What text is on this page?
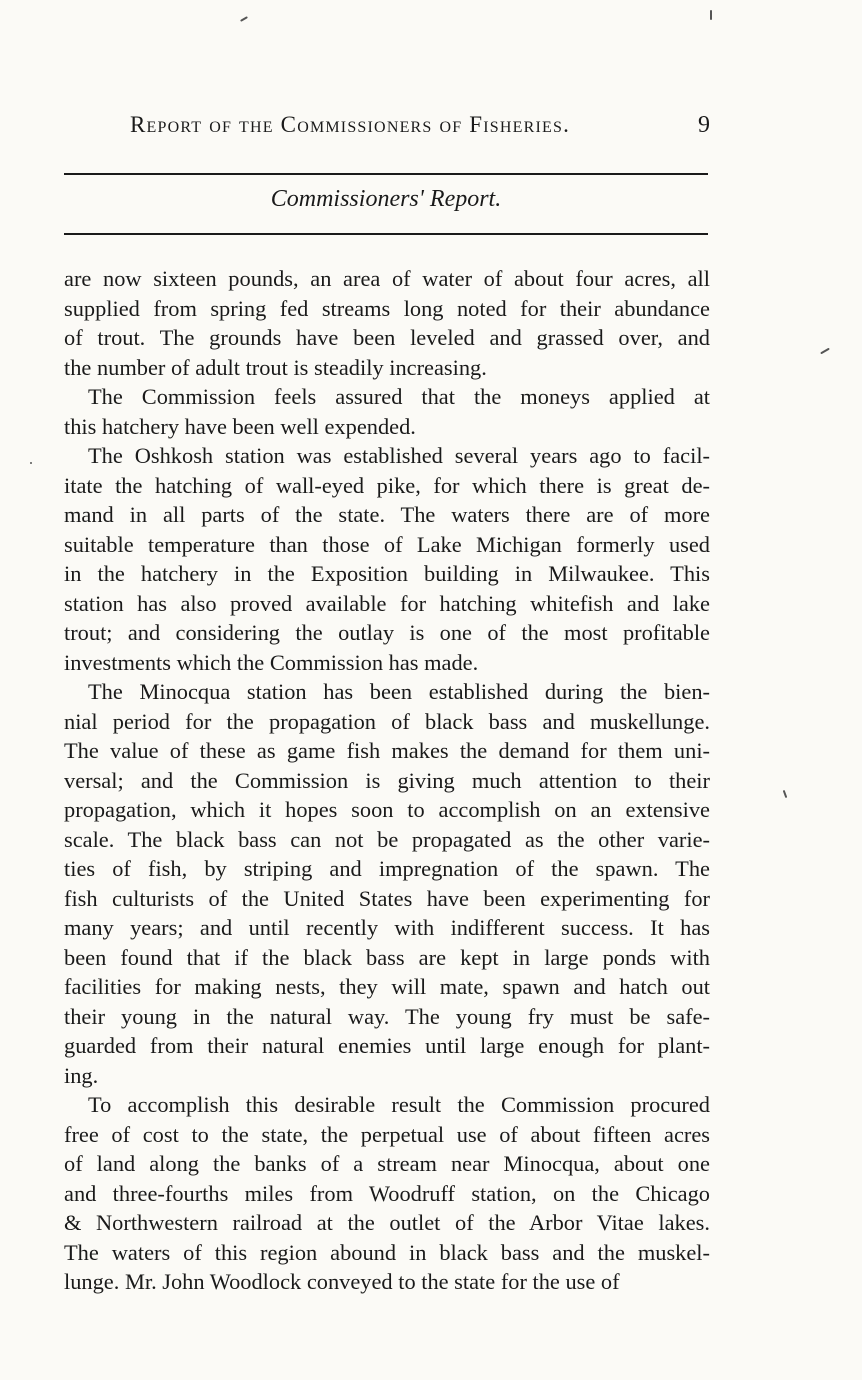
Report of the Commissioners of Fisheries.	9
Commissioners' Report.
are now sixteen pounds, an area of water of about four acres, all
supplied from spring fed streams long noted for their abundance
of trout. The grounds have been leveled and grassed over, and
the number of adult trout is steadily increasing.
The Commission feels assured that the moneys applied at
this hatchery have been well expended.
The Oshkosh station was established several years ago to facil-
itate the hatching of wall-eyed pike, for which there is great de-
mand in all parts of the state. The waters there are of more
suitable temperature than those of Lake Michigan formerly used
in the hatchery in the Exposition building in Milwaukee. This
station has also proved available for hatching whitefish and lake
trout; and considering the outlay is one of the most profitable
investments which the Commission has made.
The Minocqua station has been established during the bien-
nial period for the propagation of black bass and muskellunge.
The value of these as game fish makes the demand for them uni-
versal; and the Commission is giving much attention to their
propagation, which it hopes soon to accomplish on an extensive
scale. The black bass can not be propagated as the other varie-
ties of fish, by striping and impregnation of the spawn. The
fish culturists of the United States have been experimenting for
many years; and until recently with indifferent success. It has
been found that if the black bass are kept in large ponds with
facilities for making nests, they will mate, spawn and hatch out
their young in the natural way. The young fry must be safe-
guarded from their natural enemies until large enough for plant-
ing.
To accomplish this desirable result the Commission procured
free of cost to the state, the perpetual use of about fifteen acres
of land along the banks of a stream near Minocqua, about one
and three-fourths miles from Woodruff station, on the Chicago
& Northwestern railroad at the outlet of the Arbor Vitae lakes.
The waters of this region abound in black bass and the muskel-
lunge. Mr. John Woodlock conveyed to the state for the use of
